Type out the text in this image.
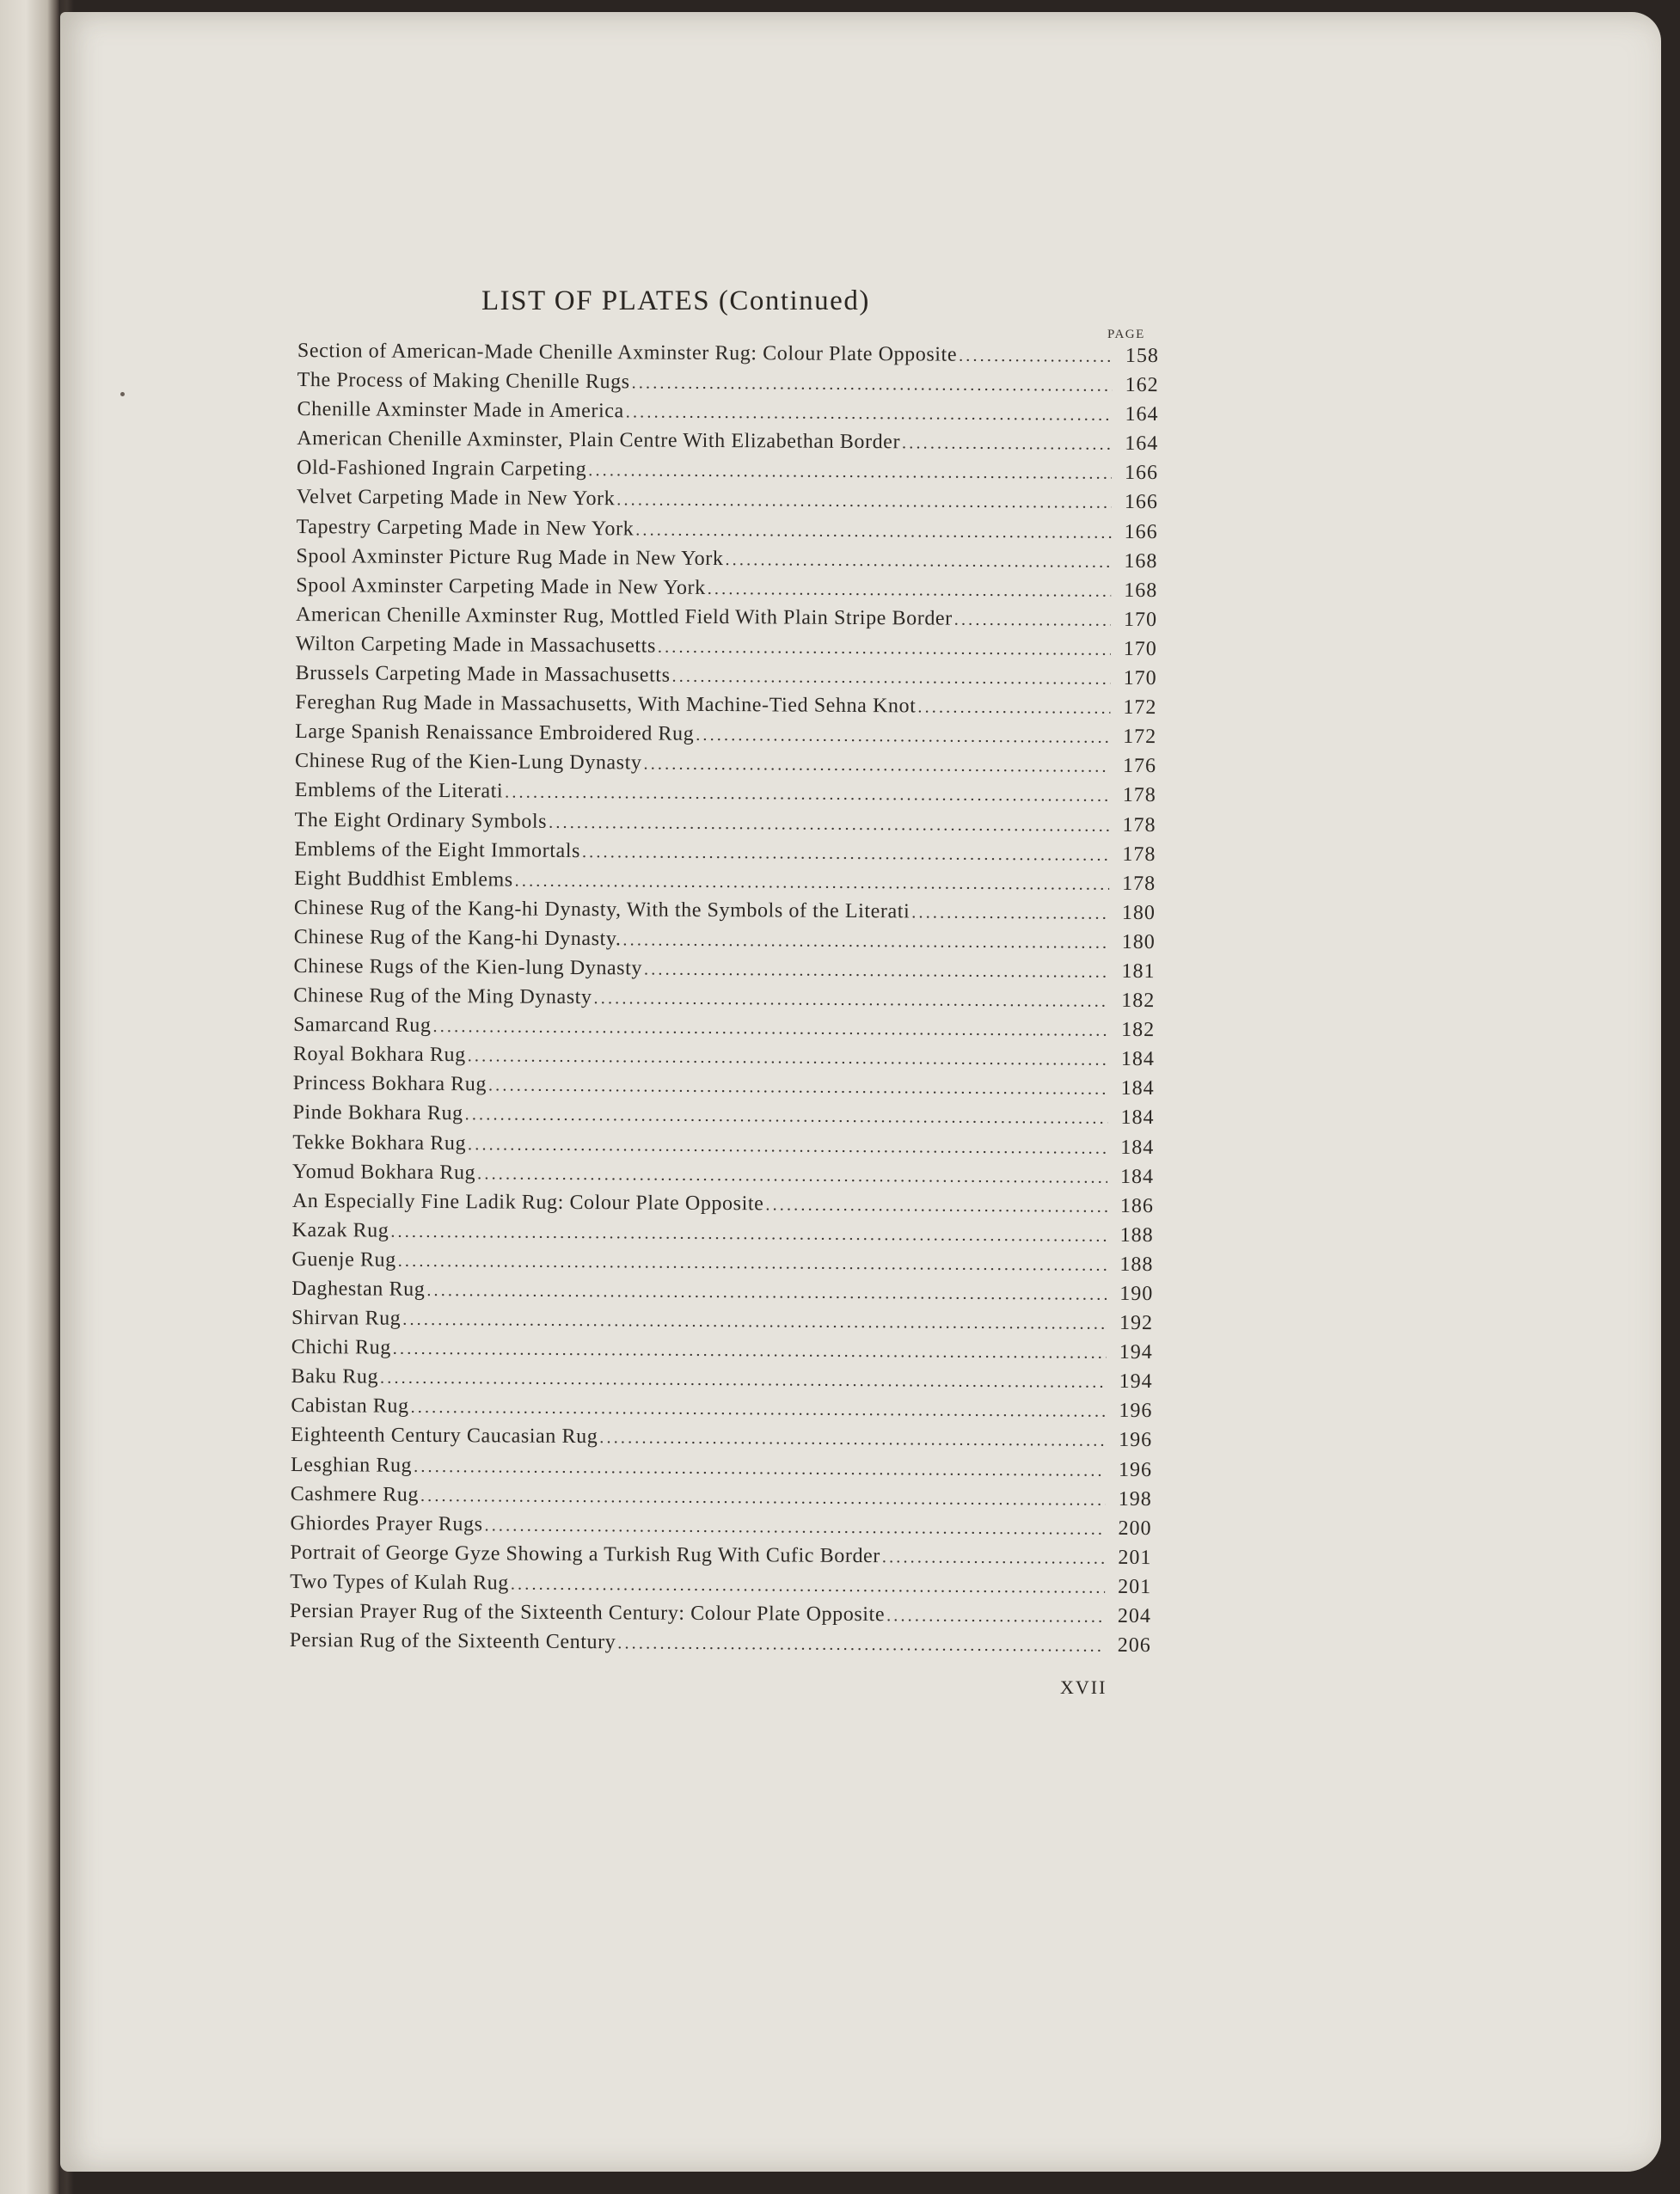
LIST OF PLATES (Continued)
PAGE
Section of American-Made Chenille Axminster Rug: Colour Plate Opposite .....	158
The Process of Making Chenille Rugs .....	162
Chenille Axminster Made in America .....	164
American Chenille Axminster, Plain Centre With Elizabethan Border .....	164
Old-Fashioned Ingrain Carpeting .....	166
Velvet Carpeting Made in New York .....	166
Tapestry Carpeting Made in New York .....	166
Spool Axminster Picture Rug Made in New York .....	168
Spool Axminster Carpeting Made in New York .....	168
American Chenille Axminster Rug, Mottled Field With Plain Stripe Border .....	170
Wilton Carpeting Made in Massachusetts .....	170
Brussels Carpeting Made in Massachusetts .....	170
Fereghan Rug Made in Massachusetts, With Machine-Tied Sehna Knot .....	172
Large Spanish Renaissance Embroidered Rug .....	172
Chinese Rug of the Kien-Lung Dynasty .....	176
Emblems of the Literati .....	178
The Eight Ordinary Symbols .....	178
Emblems of the Eight Immortals .....	178
Eight Buddhist Emblems .....	178
Chinese Rug of the Kang-hi Dynasty, With the Symbols of the Literati .....	180
Chinese Rug of the Kang-hi Dynasty. .....	180
Chinese Rugs of the Kien-lung Dynasty .....	181
Chinese Rug of the Ming Dynasty .....	182
Samarcand Rug .....	182
Royal Bokhara Rug .....	184
Princess Bokhara Rug .....	184
Pinde Bokhara Rug .....	184
Tekke Bokhara Rug .....	184
Yomud Bokhara Rug .....	184
An Especially Fine Ladik Rug: Colour Plate Opposite .....	186
Kazak Rug .....	188
Guenje Rug .....	188
Daghestan Rug .....	190
Shirvan Rug .....	192
Chichi Rug .....	194
Baku Rug .....	194
Cabistan Rug .....	196
Eighteenth Century Caucasian Rug .....	196
Lesghian Rug .....	196
Cashmere Rug .....	198
Ghiordes Prayer Rugs .....	200
Portrait of George Gyze Showing a Turkish Rug With Cufic Border .....	201
Two Types of Kulah Rug .....	201
Persian Prayer Rug of the Sixteenth Century: Colour Plate Opposite .....	204
Persian Rug of the Sixteenth Century .....	206
XVII
